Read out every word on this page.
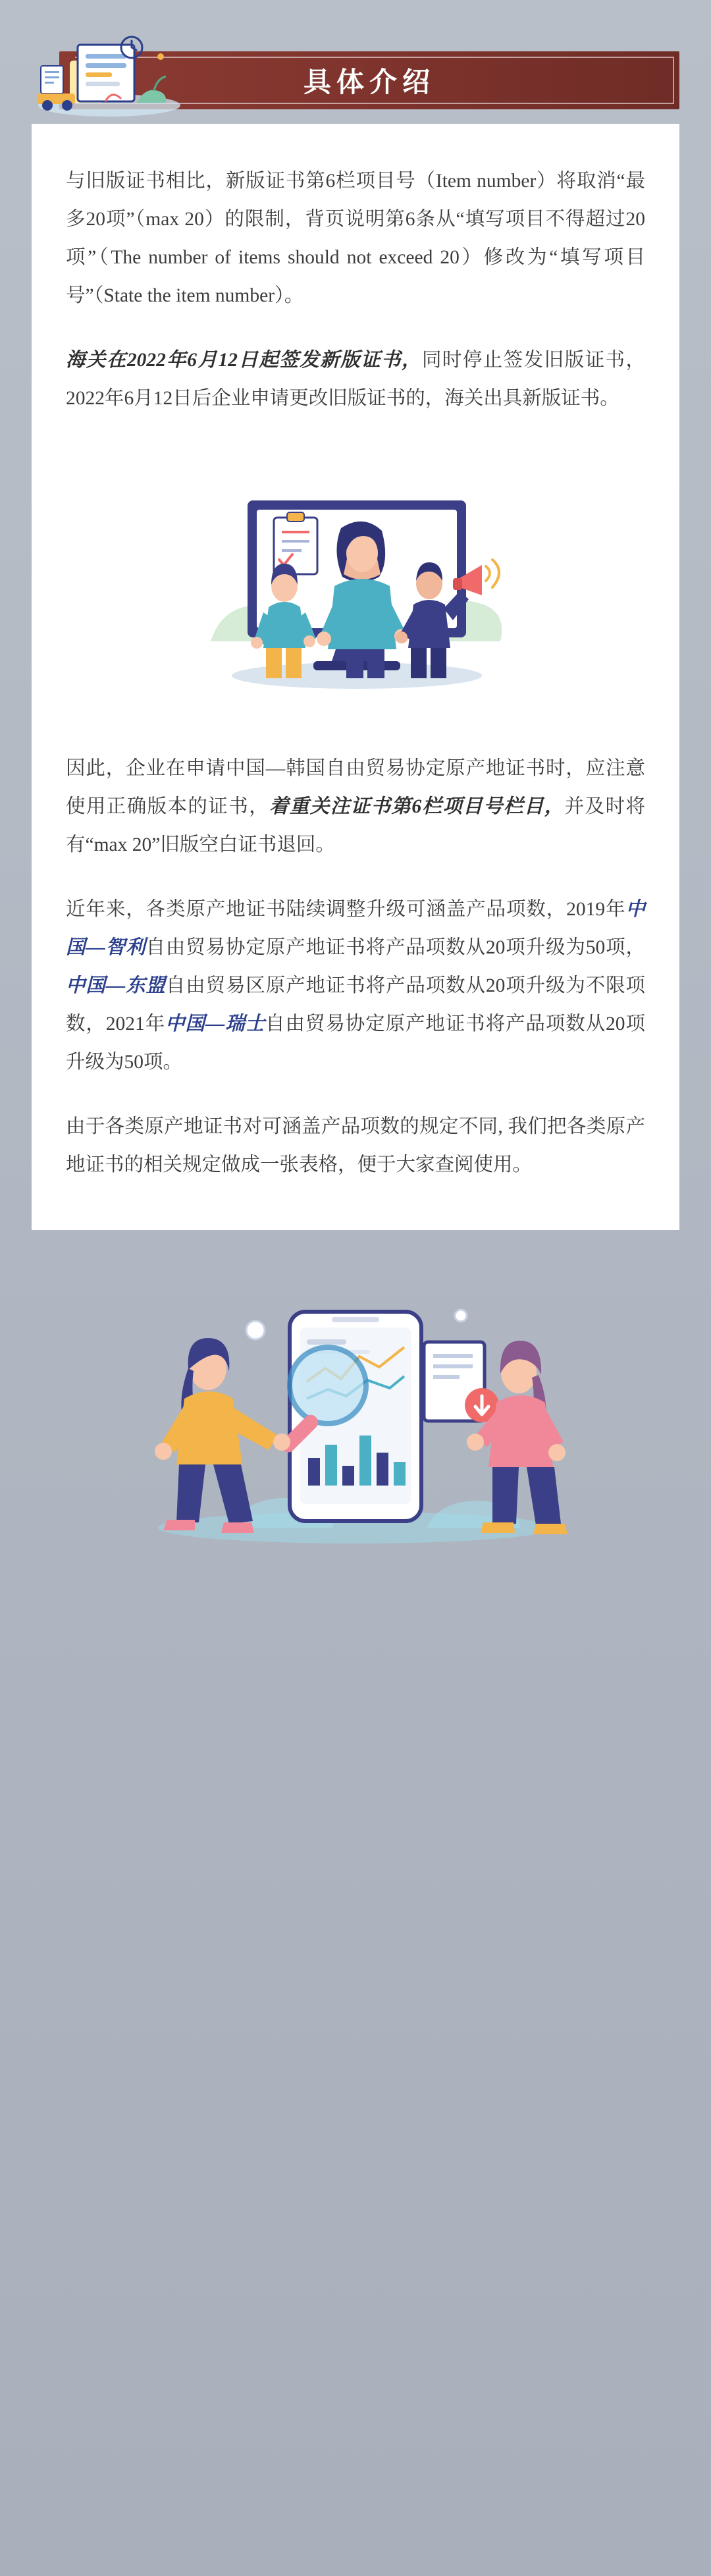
具体介绍

与旧版证书相比，新版证书第6栏项目号（Item number）将取消“最多20项”（max 20）的限制，背页说明第6条从“填写项目不得超过20项”（The number of items should not exceed 20）修改为“填写项目号”（State the item number）。

海关在2022年6月12日起签发新版证书，同时停止签发旧版证书，2022年6月12日后企业申请更改旧版证书的，海关出具新版证书。

因此，企业在申请中国—韩国自由贸易协定原产地证书时，应注意使用正确版本的证书，着重关注证书第6栏项目号栏目，并及时将有“max 20”旧版空白证书退回。

近年来，各类原产地证书陆续调整升级可涵盖产品项数，2019年中国—智利自由贸易协定原产地证书将产品项数从20项升级为50项，中国—东盟自由贸易区原产地证书将产品项数从20项升级为不限项数，2021年中国—瑞士自由贸易协定原产地证书将产品项数从20项升级为50项。

由于各类原产地证书对可涵盖产品项数的规定不同, 我们把各类原产地证书的相关规定做成一张表格，便于大家查阅使用。
